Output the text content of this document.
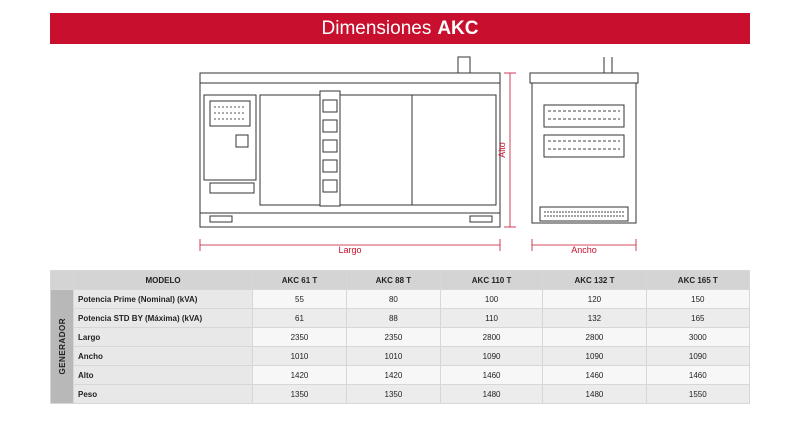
Dimensiones AKC
Largo
Alto
Ancho
	MODELO	AKC 61 T	AKC 88 T	AKC 110 T	AKC 132 T	AKC 165 T

GENERADOR	Potencia Prime (Nominal) (kVA)	55	80	100	120	150
	Potencia STD BY (Máxima) (kVA)	61	88	110	132	165
	Largo	2350	2350	2800	2800	3000
	Ancho	1010	1010	1090	1090	1090
	Alto	1420	1420	1460	1460	1460
	Peso	1350	1350	1480	1480	1550
